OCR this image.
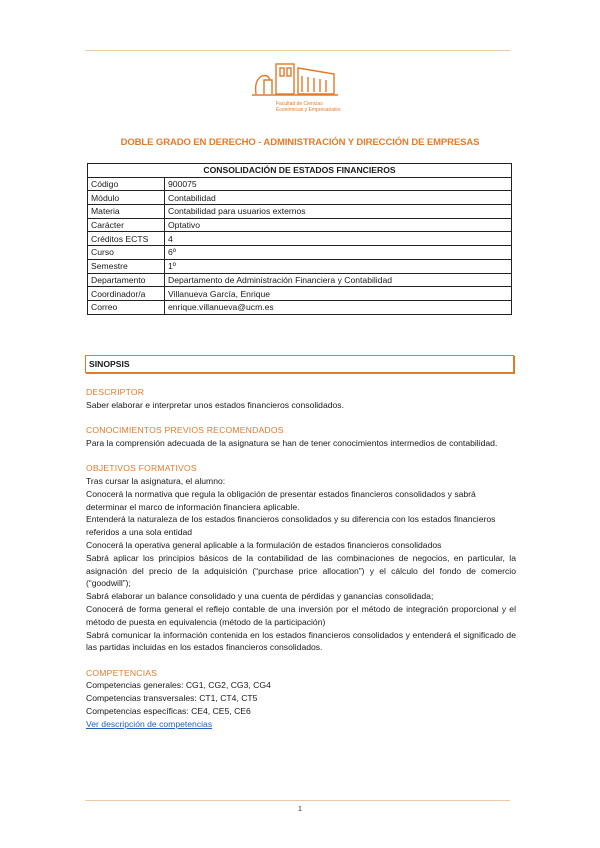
Facultad de Ciencias
Económicas y Empresariales
DOBLE GRADO EN DERECHO - ADMINISTRACIÓN Y DIRECCIÓN DE EMPRESAS
CONSOLIDACIÓN DE ESTADOS FINANCIEROS	
Código	900075
Módulo	Contabilidad
Materia	Contabilidad para usuarios externos
Carácter	Optativo
Créditos ECTS	4
Curso	6º
Semestre	1º
Departamento	Departamento de Administración Financiera y Contabilidad
Coordinador/a	Villanueva García, Enrique
Correo	enrique.villanueva@ucm.es
SINOPSIS
DESCRIPTOR

Saber elaborar e interpretar unos estados financieros consolidados.

CONOCIMIENTOS PREVIOS RECOMENDADOS

Para la comprensión adecuada de la asignatura se han de tener conocimientos intermedios de contabilidad.

OBJETIVOS FORMATIVOS

Tras cursar la asignatura, el alumno:

Conocerá la normativa que regula la obligación de presentar estados financieros consolidados y sabrá determinar el marco de información financiera aplicable.

Entenderá la naturaleza de los estados financieros consolidados y su diferencia con los estados financieros referidos a una sola entidad

Conocerá la operativa general aplicable a la formulación de estados financieros consolidados

Sabrá aplicar los principios básicos de la contabilidad de las combinaciones de negocios, en particular, la asignación del precio de la adquisición (“purchase price allocation”) y el cálculo del fondo de comercio (“goodwill”);

Sabrá elaborar un balance consolidado y una cuenta de pérdidas y ganancias consolidada;

Conocerá de forma general el reflejo contable de una inversión por el método de integración proporcional y el método de puesta en equivalencia (método de la participación)

Sabrá comunicar la información contenida en los estados financieros consolidados y entenderá el significado de las partidas incluidas en los estados financieros consolidados.

COMPETENCIAS

Competencias generales: CG1, CG2, CG3, CG4

Competencias transversales: CT1, CT4, CT5

Competencias específicas: CE4, CE5, CE6

Ver descripción de competencias

1
